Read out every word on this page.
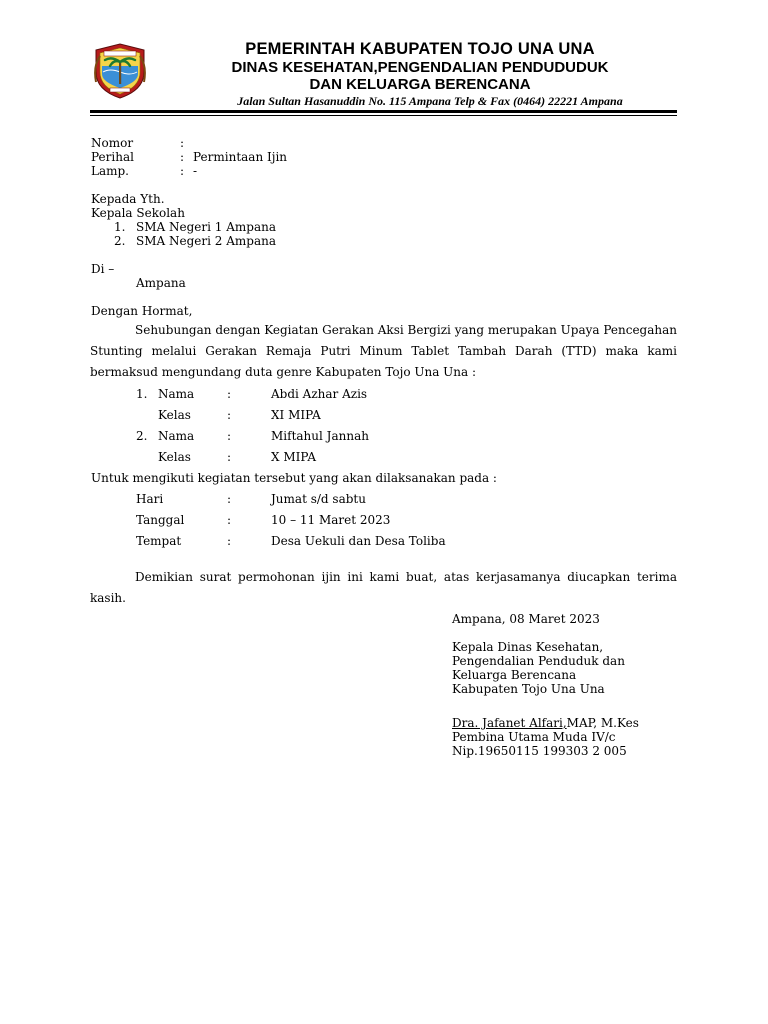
PEMERINTAH KABUPATEN TOJO UNA UNA
DINAS KESEHATAN,PENGENDALIAN PENDUDUDUK
DAN KELUARGA BERENCANA
Jalan Sultan Hasanuddin No. 115 Ampana Telp & Fax (0464) 22221 Ampana
Nomor	:
Perihal	: Permintaan Ijin
Lamp.	: -
Kepada Yth.
Kepala Sekolah
1. SMA Negeri 1 Ampana
2. SMA Negeri 2 Ampana
Di –
Ampana
Dengan Hormat,
Sehubungan dengan Kegiatan Gerakan Aksi Bergizi yang merupakan Upaya Pencegahan Stunting melalui Gerakan Remaja Putri Minum Tablet Tambah Darah (TTD) maka kami bermaksud mengundang duta genre Kabupaten Tojo Una Una :
1. Nama	:	Abdi Azhar Azis
Kelas	:	XI MIPA
2. Nama	:	Miftahul Jannah
Kelas	:	X MIPA
Untuk mengikuti kegiatan tersebut yang akan dilaksanakan pada :
Hari	:	Jumat s/d sabtu
Tanggal	:	10 – 11 Maret 2023
Tempat	:	Desa Uekuli dan Desa Toliba
Demikian surat permohonan ijin ini kami buat, atas kerjasamanya diucapkan terima kasih.
Ampana, 08 Maret 2023
Kepala Dinas Kesehatan,
Pengendalian Penduduk dan
Keluarga Berencana
Kabupaten Tojo Una Una
Dra. Jafanet Alfari,MAP, M.Kes
Pembina Utama Muda IV/c
Nip.19650115 199303 2 005
